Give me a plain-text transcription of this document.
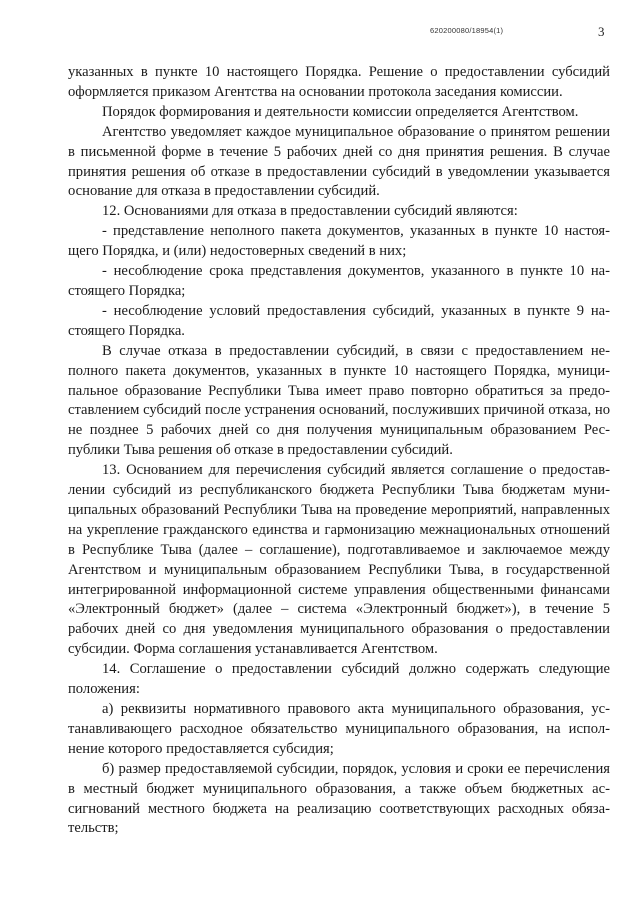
620200080/18954(1)	3

указанных в пункте 10 настоящего Порядка. Решение о предоставлении субсидий оформляется приказом Агентства на основании протокола заседания комиссии.

Порядок формирования и деятельности комиссии определяется Агентством.

Агентство уведомляет каждое муниципальное образование о принятом решении в письменной форме в течение 5 рабочих дней со дня принятия решения. В случае принятия решения об отказе в предоставлении субсидий в уведомлении указывается основание для отказа в предоставлении субсидий.

12. Основаниями для отказа в предоставлении субсидий являются:

- представление неполного пакета документов, указанных в пункте 10 настоящего Порядка, и (или) недостоверных сведений в них;

- несоблюдение срока представления документов, указанного в пункте 10 настоящего Порядка;

- несоблюдение условий предоставления субсидий, указанных в пункте 9 настоящего Порядка.

В случае отказа в предоставлении субсидий, в связи с предоставлением неполного пакета документов, указанных в пункте 10 настоящего Порядка, муниципальное образование Республики Тыва имеет право повторно обратиться за предоставлением субсидий после устранения оснований, послуживших причиной отказа, но не позднее 5 рабочих дней со дня получения муниципальным образованием Республики Тыва решения об отказе в предоставлении субсидий.

13. Основанием для перечисления субсидий является соглашение о предоставлении субсидий из республиканского бюджета Республики Тыва бюджетам муниципальных образований Республики Тыва на проведение мероприятий, направленных на укрепление гражданского единства и гармонизацию межнациональных отношений в Республике Тыва (далее – соглашение), подготавливаемое и заключаемое между Агентством и муниципальным образованием Республики Тыва, в государственной интегрированной информационной системе управления общественными финансами «Электронный бюджет» (далее – система «Электронный бюджет»), в течение 5 рабочих дней со дня уведомления муниципального образования о предоставлении субсидии. Форма соглашения устанавливается Агентством.

14. Соглашение о предоставлении субсидий должно содержать следующие положения:

а) реквизиты нормативного правового акта муниципального образования, устанавливающего расходное обязательство муниципального образования, на исполнение которого предоставляется субсидия;

б) размер предоставляемой субсидии, порядок, условия и сроки ее перечисления в местный бюджет муниципального образования, а также объем бюджетных ассигнований местного бюджета на реализацию соответствующих расходных обязательств;
